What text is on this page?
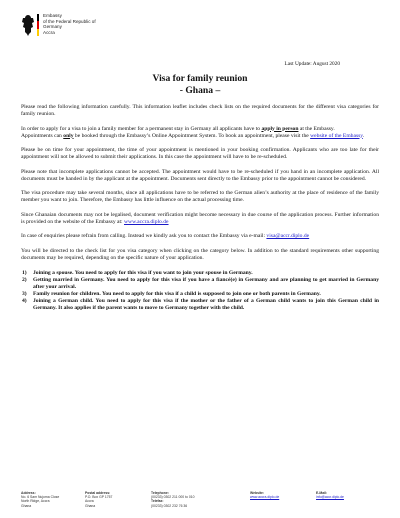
Embassy
of the Federal Republic of Germany
Accra
Last Update: August 2020
Visa for family reunion
- Ghana –

Please read the following information carefully. This information leaflet includes check lists on the required documents for the different visa categories for family reunion.

In order to apply for a visa to join a family member for a permanent stay in Germany all applicants have to apply in person at the Embassy.
Appointments can only be booked through the Embassy’s Online Appointment System. To book an appointment, please visit the website of the Embassy.

Please be on time for your appointment, the time of your appointment is mentioned in your booking confirmation. Applicants who are too late for their appointment will not be allowed to submit their applications. In this case the appointment will have to be re-scheduled.

Please note that incomplete applications cannot be accepted. The appointment would have to be re-scheduled if you hand in an incomplete application. All documents must be handed in by the applicant at the appointment. Documents sent directly to the Embassy prior to the appointment cannot be considered.

The visa procedure may take several months, since all applications have to be referred to the German alien’s authority at the place of residence of the family member you want to join. Therefore, the Embassy has little influence on the actual processing time.

Since Ghanaian documents may not be legalised, document verification might become necessary in due course of the application process. Further information is provided on the website of the Embassy at: www.accra.diplo.de

In case of enquiries please refrain from calling. Instead we kindly ask you to contact the Embassy via e-mail: visa@accr.diplo.de

You will be directed to the check list for you visa category when clicking on the category below. In addition to the standard requirements other supporting documents may be required, depending on the specific nature of your application.

1)	Joining a spouse. You need to apply for this visa if you want to join your spouse in Germany.
2)	Getting married in Germany. You need to apply for this visa if you have a fiancé(e) in Germany and are planning to get married in Germany after your arrival.
3)	Family reunion for children. You need to apply for this visa if a child is supposed to join one or both parents in Germany.
4)	Joining a German child. You need to apply for this visa if the mother or the father of a German child wants to join this German child in Germany. It also applies if the parent wants to move to Germany together with the child.
Address:
No. 6 Sam Nujoma Close
North Ridge, Accra
Ghana
Postal address:
P.O. Box GP 1757
Accra
Ghana
Telephone:
(00233) 0302 211 000 to 010
Telefax:
(00233) 0302 232 76 36
Website:
www.accra.diplo.de
E-Mail:
info@accr.diplo.de
